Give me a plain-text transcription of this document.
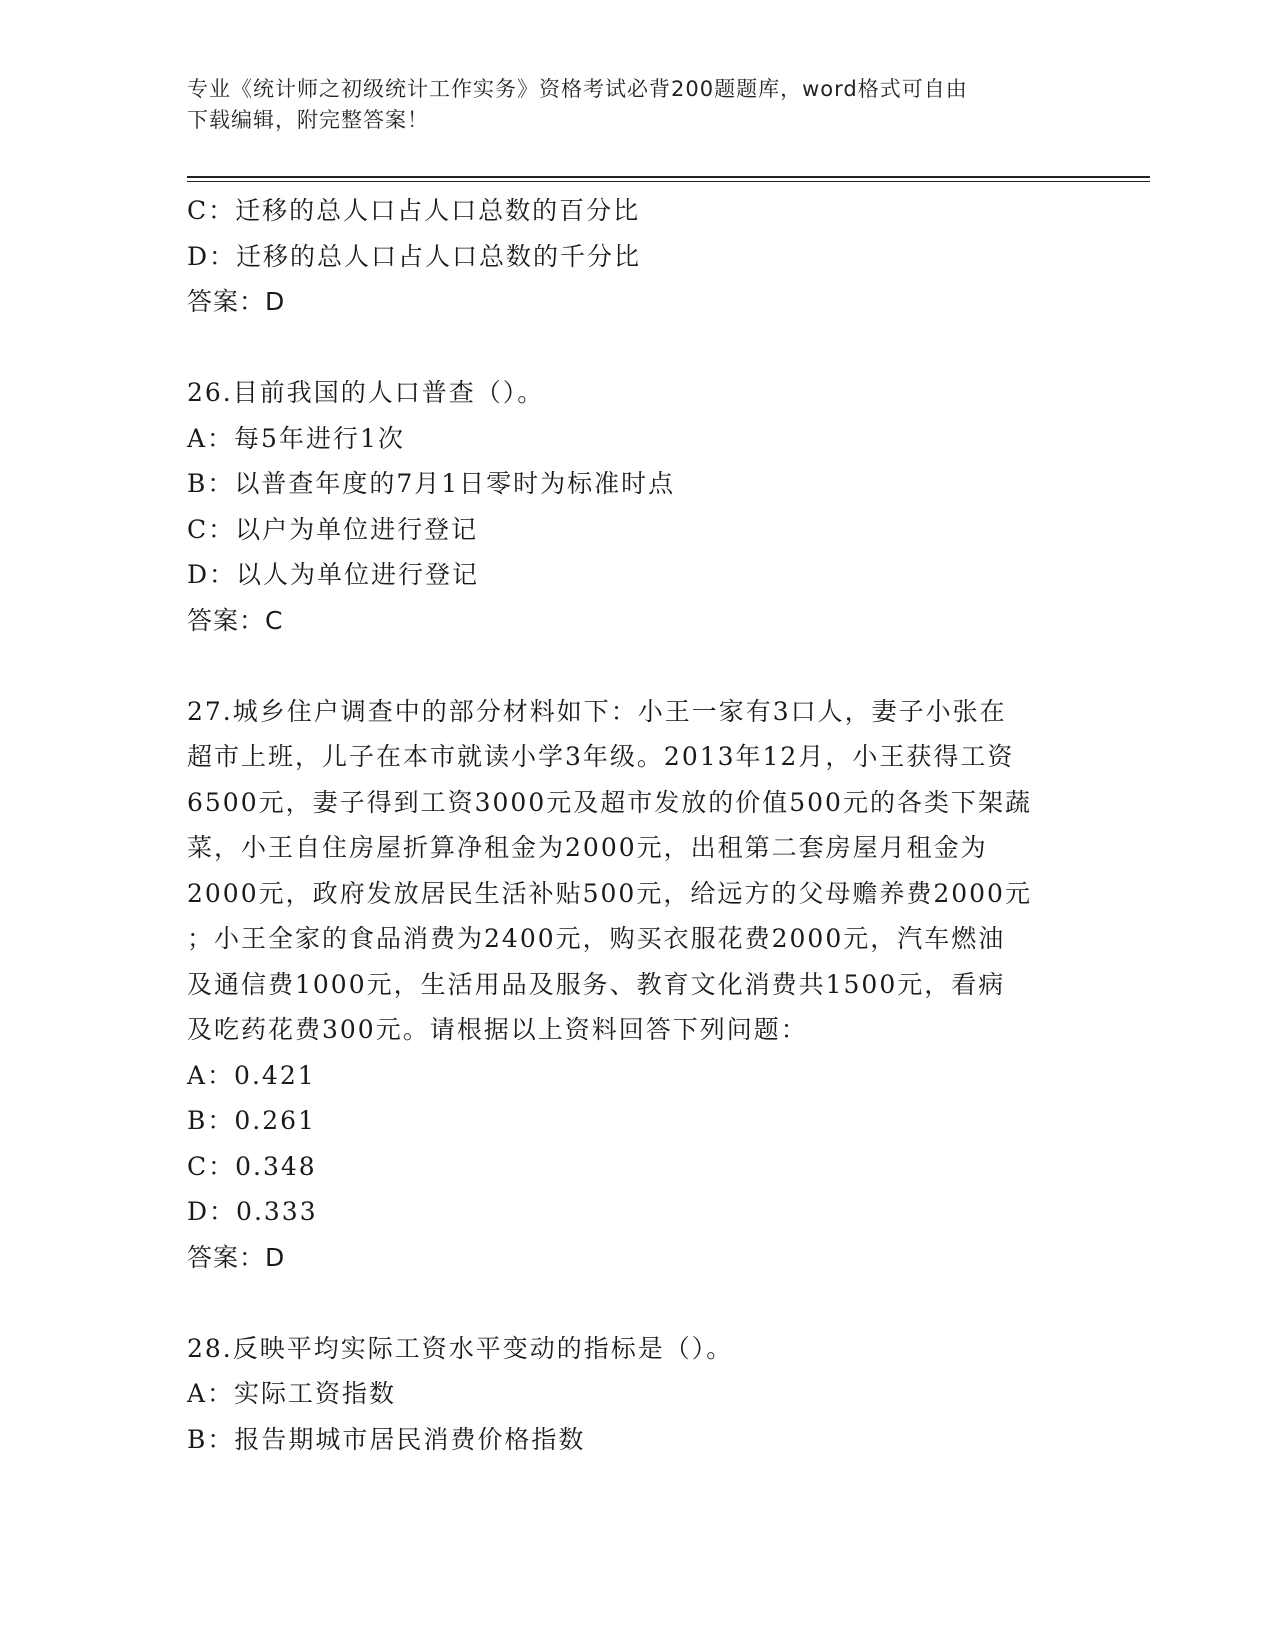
专业《统计师之初级统计工作实务》资格考试必背200题题库，word格式可自由
下载编辑，附完整答案！
C：迁移的总人口占人口总数的百分比
D：迁移的总人口占人口总数的千分比
答案：D
26.目前我国的人口普查（）。
A：每5年进行1次
B：以普查年度的7月1日零时为标准时点
C：以户为单位进行登记
D：以人为单位进行登记
答案：C
27.城乡住户调查中的部分材料如下：小王一家有3口人，妻子小张在
超市上班，儿子在本市就读小学3年级。2013年12月，小王获得工资
6500元，妻子得到工资3000元及超市发放的价值500元的各类下架蔬
菜，小王自住房屋折算净租金为2000元，出租第二套房屋月租金为
2000元，政府发放居民生活补贴500元，给远方的父母赡养费2000元
；小王全家的食品消费为2400元，购买衣服花费2000元，汽车燃油
及通信费1000元，生活用品及服务、教育文化消费共1500元，看病
及吃药花费300元。请根据以上资料回答下列问题：
A：0.421
B：0.261
C：0.348
D：0.333
答案：D
28.反映平均实际工资水平变动的指标是（）。
A：实际工资指数
B：报告期城市居民消费价格指数
